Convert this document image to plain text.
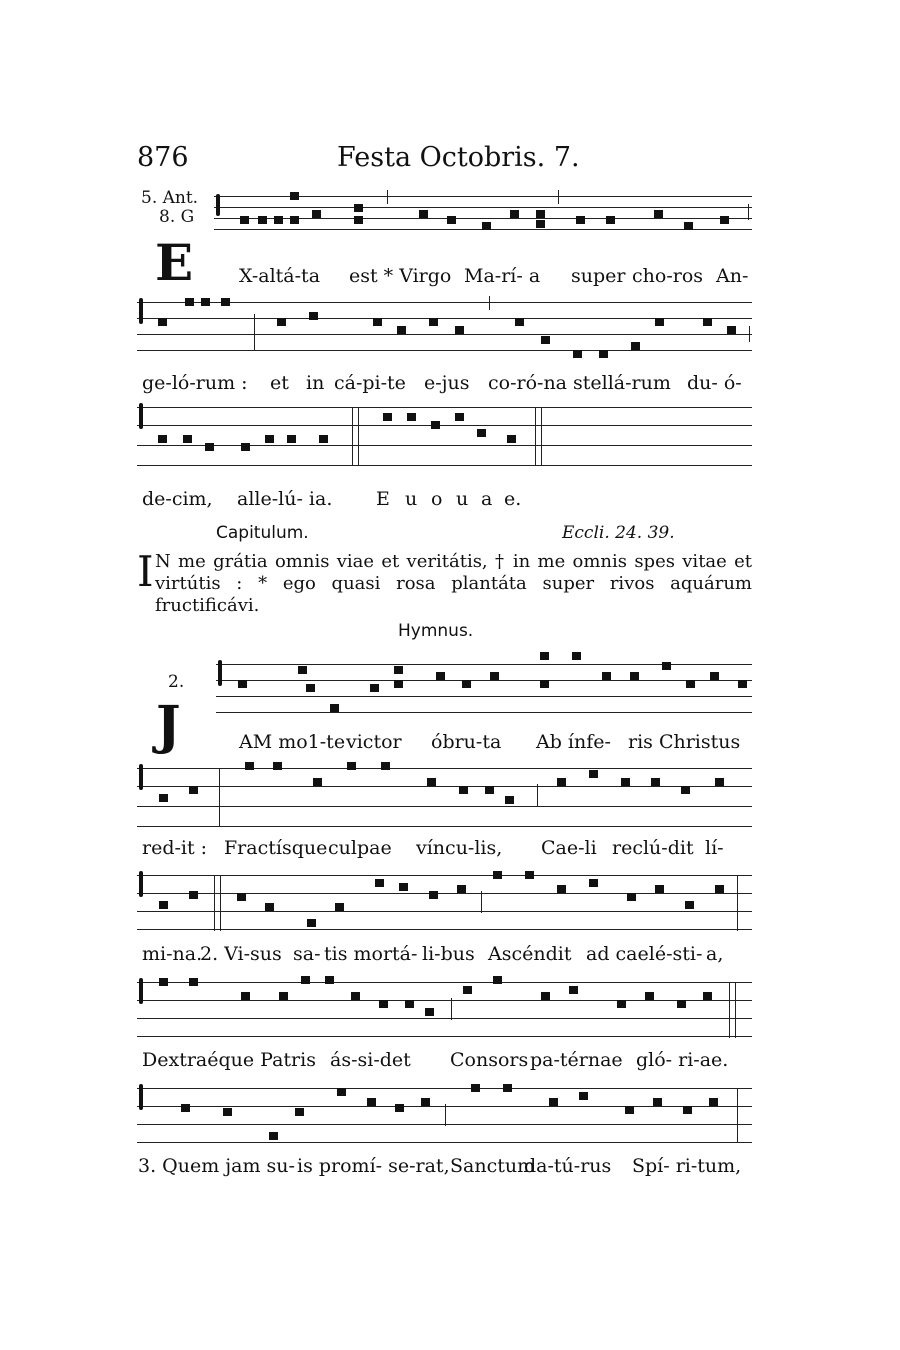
876	Festa Octobris. 7.
5. Ant.
8. G
E X-altá-ta est * Virgo Ma-rí- a super cho-ros An-
ge-ló-rum : et in cá-pi-te e-jus co-ró-na stellá-rum du- ó-
de-cim, alle-lú- ia. E u o u a e.
Capitulum.	Eccli. 24. 39.
I N me grátia omnis viae et veritátis, † in me omnis spes vitae et virtútis : * ego quasi rosa plantáta super rivos aquárum fructificávi.
Hymnus.
2.
J	AM mo1-te victor óbru-ta Ab ínfe- ris Christus
red-it : Fractísque culpae víncu-lis, Cae-li reclú-dit lí-
mi-na.
2. Vi-sus sa- tis mortá- li-bus Ascéndit ad caelé-sti- a,
Dextraéque Patris ás-si-det Consors pa-térnae gló- ri-ae.
3. Quem jam su- is promí- se-rat, Sanctum
da-tú-rus Spí- ri-tum,
